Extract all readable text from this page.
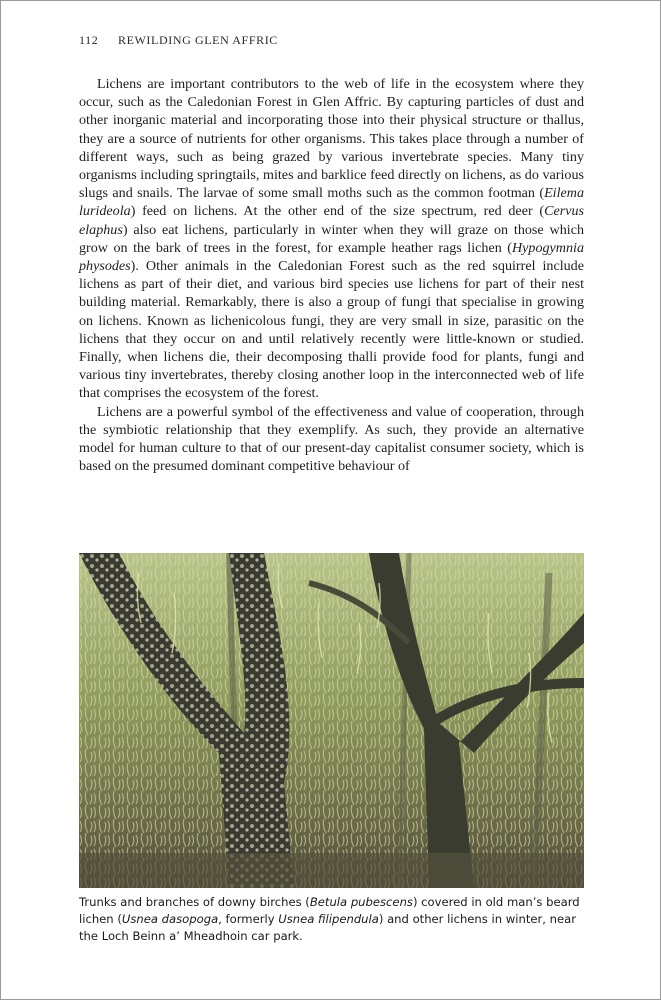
112 REWILDING GLEN AFFRIC

Lichens are important contributors to the web of life in the ecosystem where they occur, such as the Caledonian Forest in Glen Affric. By capturing particles of dust and other inorganic material and incorporating those into their physical structure or thallus, they are a source of nutrients for other organisms. This takes place through a number of different ways, such as being grazed by various invertebrate species. Many tiny organisms including springtails, mites and barklice feed directly on lichens, as do various slugs and snails. The larvae of some small moths such as the common footman (Eilema lurideola) feed on lichens. At the other end of the size spectrum, red deer (Cervus elaphus) also eat lichens, particularly in winter when they will graze on those which grow on the bark of trees in the forest, for example heather rags lichen (Hypogymnia physodes). Other animals in the Caledonian Forest such as the red squirrel include lichens as part of their diet, and various bird species use lichens for part of their nest building material. Remarkably, there is also a group of fungi that specialise in growing on lichens. Known as lichenicolous fungi, they are very small in size, parasitic on the lichens that they occur on and until relatively recently were little-known or studied. Finally, when lichens die, their decomposing thalli provide food for plants, fungi and various tiny invertebrates, thereby closing another loop in the interconnected web of life that comprises the ecosystem of the forest.

Lichens are a powerful symbol of the effectiveness and value of cooperation, through the symbiotic relationship that they exemplify. As such, they provide an alternative model for human culture to that of our present-day capitalist consumer society, which is based on the presumed dominant competitive behaviour of

Trunks and branches of downy birches (Betula pubescens) covered in old man’s beard lichen (Usnea dasopoga, formerly Usnea filipendula) and other lichens in winter, near the Loch Beinn a’ Mheadhoin car park.
